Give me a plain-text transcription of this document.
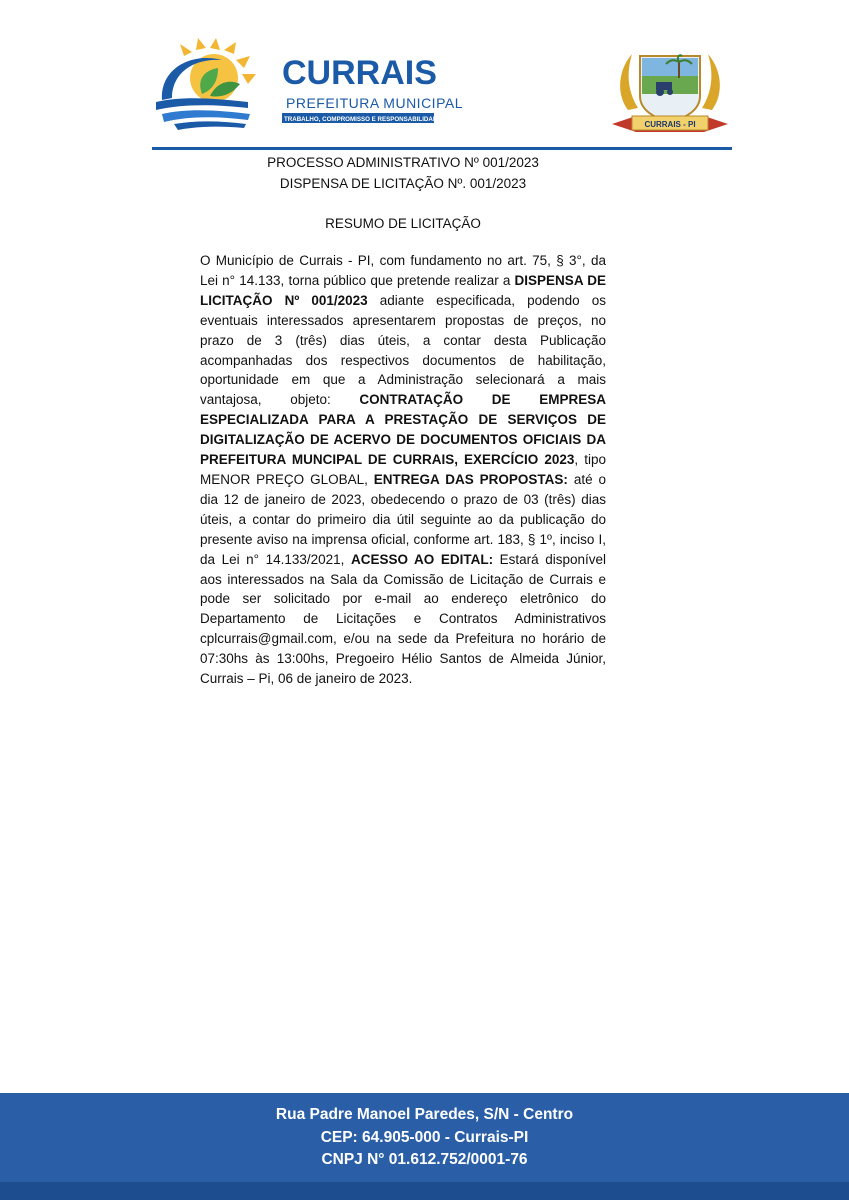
CURRAIS
PREFEITURA MUNICIPAL
TRABALHO, COMPROMISSO E RESPONSABILIDADE
CURRAIS - PI
PROCESSO ADMINISTRATIVO Nº 001/2023
DISPENSA DE LICITAÇÃO Nº. 001/2023
RESUMO DE LICITAÇÃO
O Município de Currais - PI, com fundamento no art. 75, § 3°, da Lei n° 14.133, torna público que pretende realizar a DISPENSA DE LICITAÇÃO Nº 001/2023 adiante especificada, podendo os eventuais interessados apresentarem propostas de preços, no prazo de 3 (três) dias úteis, a contar desta Publicação acompanhadas dos respectivos documentos de habilitação, oportunidade em que a Administração selecionará a mais vantajosa, objeto: CONTRATAÇÃO DE EMPRESA ESPECIALIZADA PARA A PRESTAÇÃO DE SERVIÇOS DE DIGITALIZAÇÃO DE ACERVO DE DOCUMENTOS OFICIAIS DA PREFEITURA MUNCIPAL DE CURRAIS, EXERCÍCIO 2023, tipo MENOR PREÇO GLOBAL, ENTREGA DAS PROPOSTAS: até o dia 12 de janeiro de 2023, obedecendo o prazo de 03 (três) dias úteis, a contar do primeiro dia útil seguinte ao da publicação do presente aviso na imprensa oficial, conforme art. 183, § 1º, inciso I, da Lei n° 14.133/2021, ACESSO AO EDITAL: Estará disponível aos interessados na Sala da Comissão de Licitação de Currais e pode ser solicitado por e-mail ao endereço eletrônico do Departamento de Licitações e Contratos Administrativos cplcurrais@gmail.com, e/ou na sede da Prefeitura no horário de 07:30hs às 13:00hs, Pregoeiro Hélio Santos de Almeida Júnior, Currais – Pi, 06 de janeiro de 2023.
Rua Padre Manoel Paredes, S/N - Centro
CEP: 64.905-000 - Currais-PI
CNPJ N° 01.612.752/0001-76
